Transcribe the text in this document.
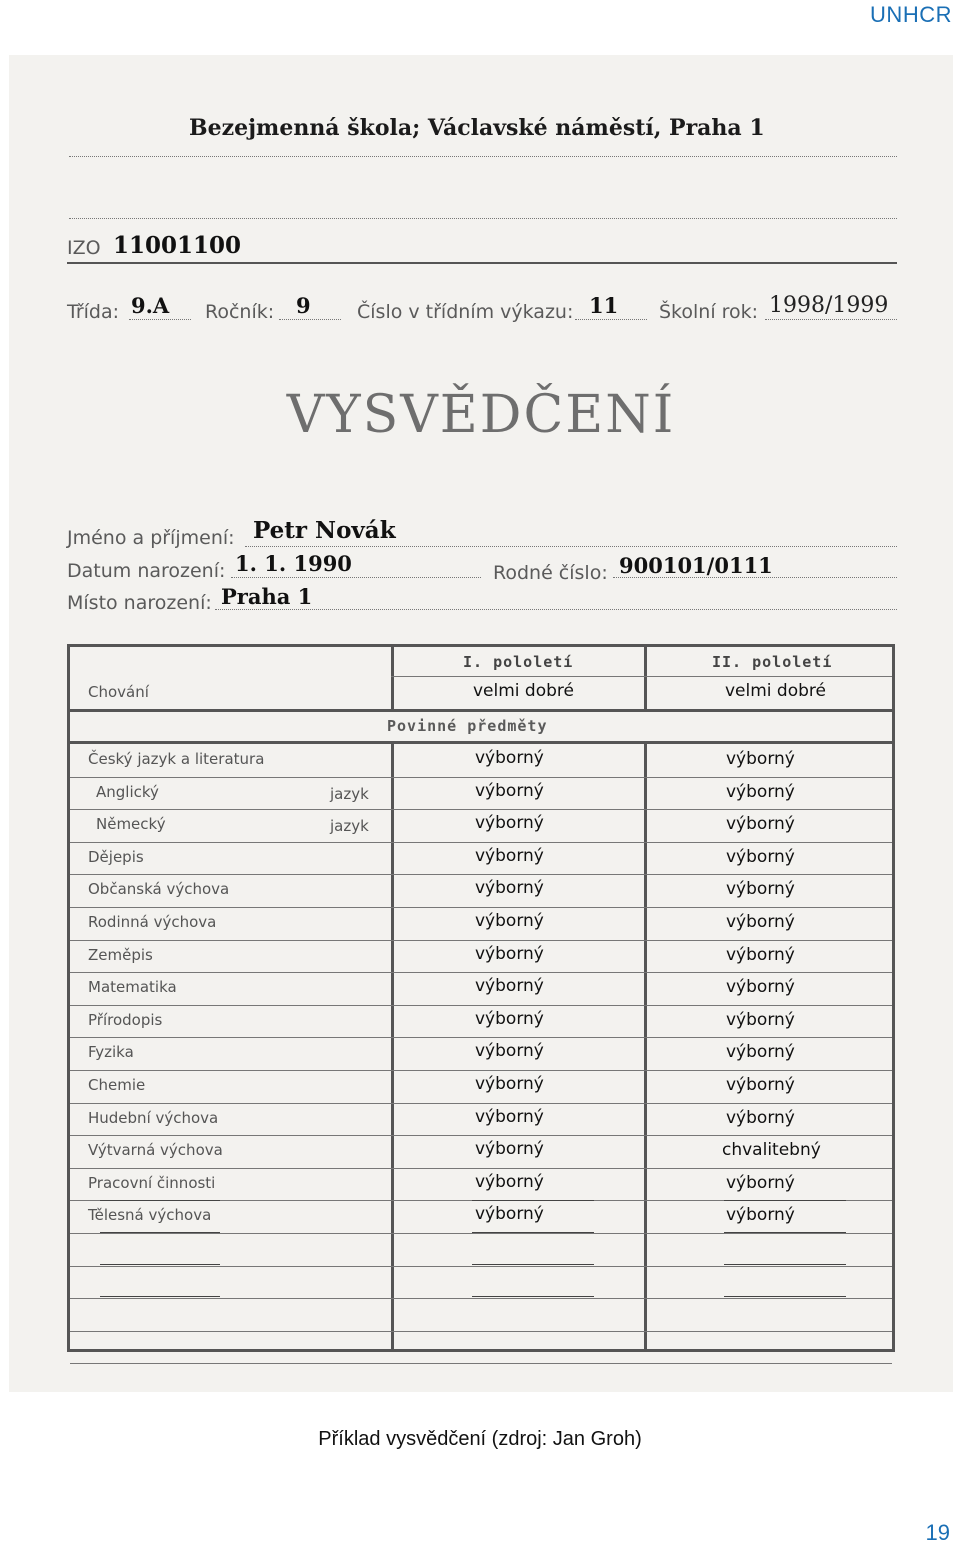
UNHCR
Bezejmenná škola; Václavské náměstí, Praha 1
IZO 11001100
Třída: 9.A Ročník: 9 Číslo v třídním výkazu: 11 Školní rok: 1998/1999
VYSVĚDČENÍ
Jméno a příjmení: Petr Novák
Datum narození: 1. 1. 1990	Rodné číslo: 900101/0111
Místo narození: Praha 1
I. pololetí	II. pololetí
Chování	velmi dobré	velmi dobré
Povinné předměty
Český jazyk a literatura	výborný	výborný
Anglický	jazyk	výborný	výborný
Německý	jazyk	výborný	výborný
Dějepis	výborný	výborný
Občanská výchova	výborný	výborný
Rodinná výchova	výborný	výborný
Zeměpis	výborný	výborný
Matematika	výborný	výborný
Přírodopis	výborný	výborný
Fyzika	výborný	výborný
Chemie	výborný	výborný
Hudební výchova	výborný	výborný
Výtvarná výchova	výborný	chvalitebný
Pracovní činnosti	výborný	výborný
Tělesná výchova	výborný	výborný
Příklad vysvědčení (zdroj: Jan Groh)
19
